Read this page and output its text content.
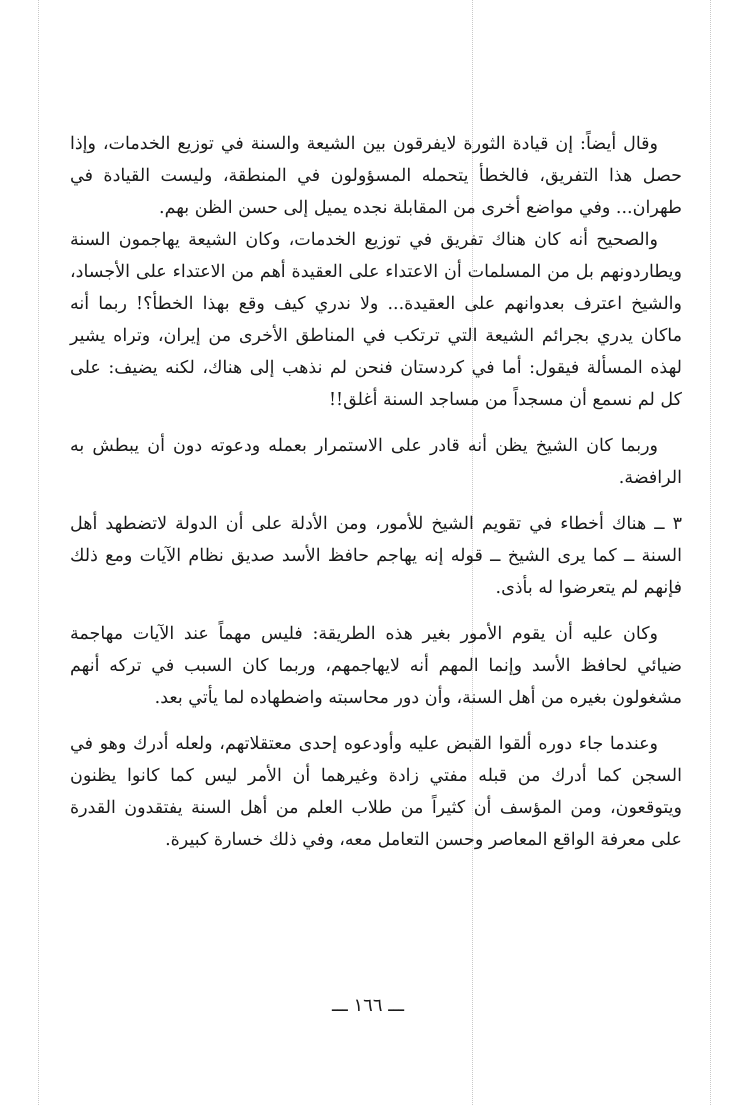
وقال أيضاً: إن قيادة الثورة لايفرقون بين الشيعة والسنة في توزيع الخدمات، وإذا حصل هذا التفريق، فالخطأ يتحمله المسؤولون في المنطقة، وليست القيادة في طهران... وفي مواضع أخرى من المقابلة نجده يميل إلى حسن الظن بهم.

والصحيح أنه كان هناك تفريق في توزيع الخدمات، وكان الشيعة يهاجمون السنة ويطاردونهم بل من المسلمات أن الاعتداء على العقيدة أهم من الاعتداء على الأجساد، والشيخ اعترف بعدوانهم على العقيدة... ولا ندري كيف وقع بهذا الخطأ؟! ربما أنه ماكان يدري بجرائم الشيعة التي ترتكب في المناطق الأخرى من إيران، وتراه يشير لهذه المسألة فيقول: أما في كردستان فنحن لم نذهب إلى هناك، لكنه يضيف: على كل لم نسمع أن مسجداً من مساجد السنة أغلق!!

وربما كان الشيخ يظن أنه قادر على الاستمرار بعمله ودعوته دون أن يبطش به الرافضة.

٣ ــ هناك أخطاء في تقويم الشيخ للأمور، ومن الأدلة على أن الدولة لاتضطهد أهل السنة ــ كما يرى الشيخ ــ قوله إنه يهاجم حافظ الأسد صديق نظام الآيات ومع ذلك فإنهم لم يتعرضوا له بأذى.

وكان عليه أن يقوم الأمور بغير هذه الطريقة: فليس مهماً عند الآيات مهاجمة ضيائي لحافظ الأسد وإنما المهم أنه لايهاجمهم، وربما كان السبب في تركه أنهم مشغولون بغيره من أهل السنة، وأن دور محاسبته واضطهاده لما يأتي بعد.

وعندما جاء دوره ألقوا القبض عليه وأودعوه إحدى معتقلاتهم، ولعله أدرك وهو في السجن كما أدرك من قبله مفتي زادة وغيرهما أن الأمر ليس كما كانوا يظنون ويتوقعون، ومن المؤسف أن كثيراً من طلاب العلم من أهل السنة يفتقدون القدرة على معرفة الواقع المعاصر وحسن التعامل معه، وفي ذلك خسارة كبيرة.

ـــ ١٦٦ ـــ
